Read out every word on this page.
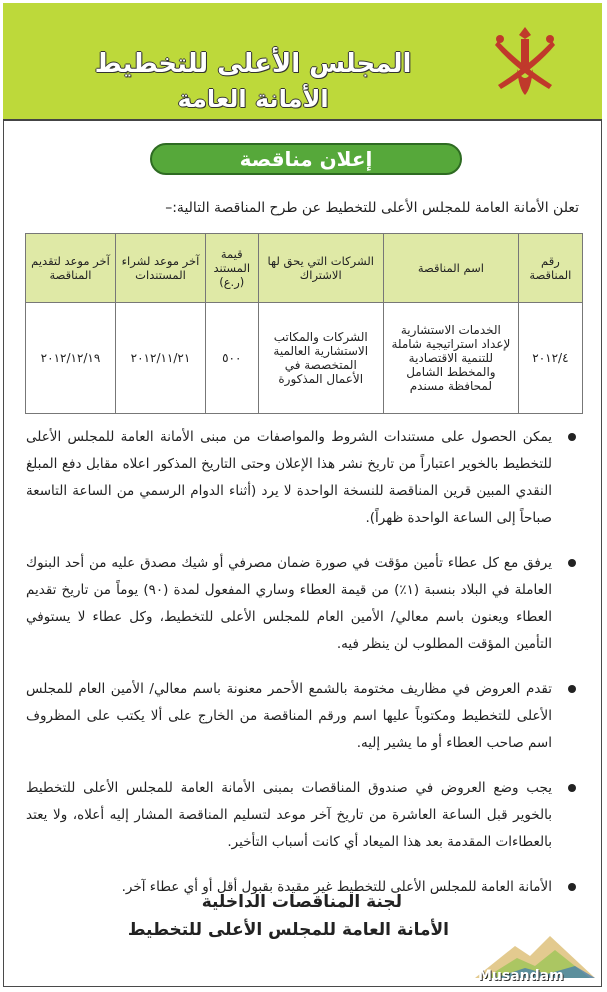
المجلس الأعلى للتخطيط
الأمانة العامة
إعلان مناقصة
تعلن الأمانة العامة للمجلس الأعلى للتخطيط عن طرح المناقصة التالية:–
رقم المناقصة	اسم المناقصة	الشركات التي يحق لها الاشتراك	قيمة المستند (ر.ع)	آخر موعد لشراء المستندات	آخر موعد لتقديم المناقصة
٢٠١٢/٤	الخدمات الاستشارية لإعداد استراتيجية شاملة للتنمية الاقتصادية والمخطط الشامل لمحافظة مسندم	الشركات والمكاتب الاستشارية العالمية المتخصصة في الأعمال المذكورة	٥٠٠	٢٠١٢/١١/٢١	٢٠١٢/١٢/١٩
يمكن الحصول على مستندات الشروط والمواصفات من مبنى الأمانة العامة للمجلس الأعلى للتخطيط بالخوير اعتباراً من تاريخ نشر هذا الإعلان وحتى التاريخ المذكور اعلاه مقابل دفع المبلغ النقدي المبين قرين المناقصة للنسخة الواحدة لا يرد (أثناء الدوام الرسمي من الساعة التاسعة صباحاً إلى الساعة الواحدة ظهراً).
يرفق مع كل عطاء تأمين مؤقت في صورة ضمان مصرفي أو شيك مصدق عليه من أحد البنوك العاملة في البلاد بنسبة (١٪) من قيمة العطاء وساري المفعول لمدة (٩٠) يوماً من تاريخ تقديم العطاء ويعنون باسم معالي/ الأمين العام للمجلس الأعلى للتخطيط، وكل عطاء لا يستوفي التأمين المؤقت المطلوب لن ينظر فيه.
تقدم العروض في مظاريف مختومة بالشمع الأحمر معنونة باسم معالي/ الأمين العام للمجلس الأعلى للتخطيط ومكتوباً عليها اسم ورقم المناقصة من الخارج على ألا يكتب على المظروف اسم صاحب العطاء أو ما يشير إليه.
يجب وضع العروض في صندوق المناقصات بمبنى الأمانة العامة للمجلس الأعلى للتخطيط بالخوير قبل الساعة العاشرة من تاريخ آخر موعد لتسليم المناقصة المشار إليه أعلاه، ولا يعتد بالعطاءات المقدمة بعد هذا الميعاد أي كانت أسباب التأخير.
الأمانة العامة للمجلس الأعلى للتخطيط غير مقيدة بقبول أقل أو أي عطاء آخر.
لجنة المناقصات الداخلية
الأمانة العامة للمجلس الأعلى للتخطيط
Musandam
